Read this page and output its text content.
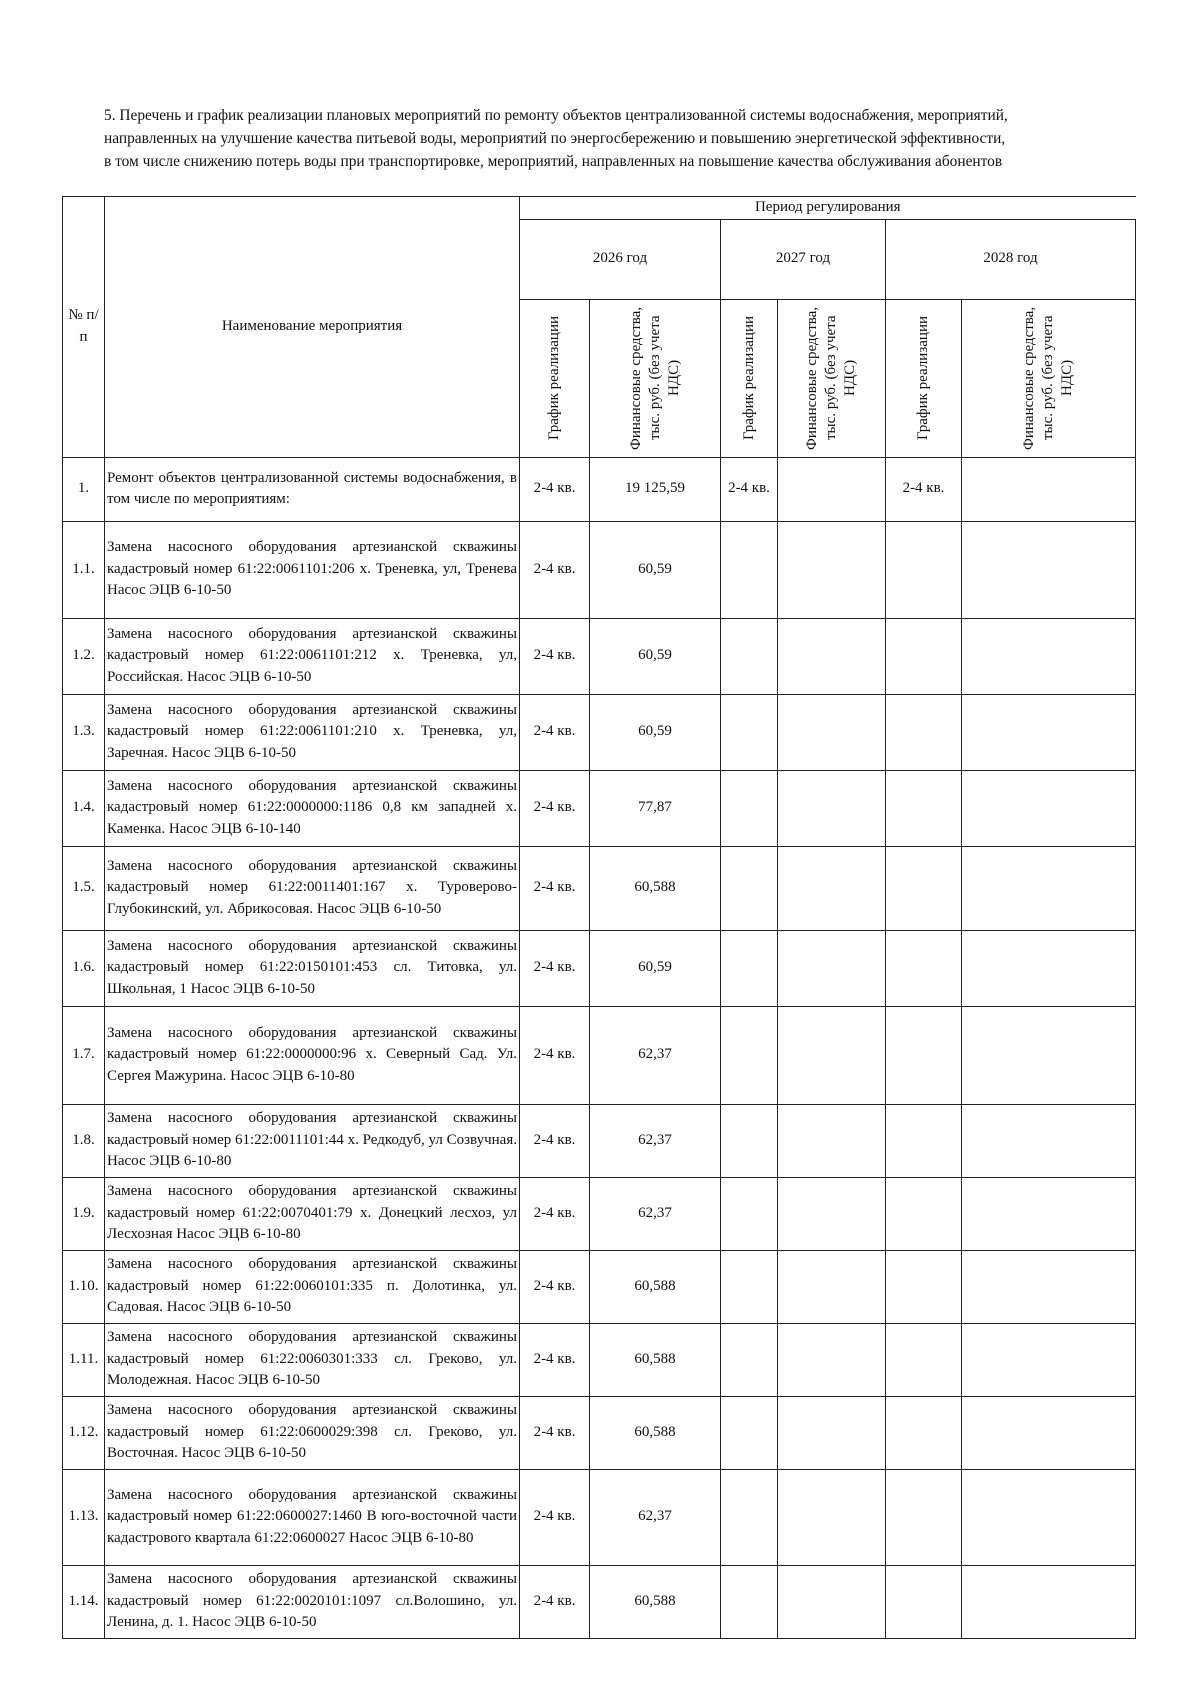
5. Перечень и график реализации плановых мероприятий по ремонту объектов централизованной системы водоснабжения, мероприятий,
направленных на улучшение качества питьевой воды, мероприятий по энергосбережению и повышению энергетической эффективности,
в том числе снижению потерь воды при транспортировке, мероприятий, направленных на повышение качества обслуживания абонентов
№ п/п	Наименование мероприятия	Период регулирования					
		2026 год		2027 год		2028 год	

		График реализации	Финансовые средства, тыс. руб. (без учета НДС)	График реализации	Финансовые средства, тыс. руб. (без учета НДС)	График реализации	Финансовые средства, тыс. руб. (без учета НДС)

1.	Ремонт объектов централизованной системы водоснабжения, в том числе по мероприятиям:	2-4 кв.	19 125,59	2-4 кв.		2-4 кв.	
1.1.	Замена насосного оборудования артезианской скважины кадастровый номер 61:22:0061101:206 х. Треневка, ул, Тренева Насос ЭЦВ 6-10-50	2-4 кв.	60,59				
1.2.	Замена насосного оборудования артезианской скважины кадастровый номер 61:22:0061101:212 х. Треневка, ул, Российская. Насос ЭЦВ 6-10-50	2-4 кв.	60,59				
1.3.	Замена насосного оборудования артезианской скважины кадастровый номер 61:22:0061101:210 х. Треневка, ул, Заречная. Насос ЭЦВ 6-10-50	2-4 кв.	60,59				
1.4.	Замена насосного оборудования артезианской скважины кадастровый номер 61:22:0000000:1186 0,8 км западней х. Каменка. Насос ЭЦВ 6-10-140	2-4 кв.	77,87				
1.5.	Замена насосного оборудования артезианской скважины кадастровый номер 61:22:0011401:167 х. Туроверово-Глубокинский, ул. Абрикосовая. Насос ЭЦВ 6-10-50	2-4 кв.	60,588				
1.6.	Замена насосного оборудования артезианской скважины кадастровый номер 61:22:0150101:453 сл. Титовка, ул. Школьная, 1 Насос ЭЦВ 6-10-50	2-4 кв.	60,59				
1.7.	Замена насосного оборудования артезианской скважины кадастровый номер 61:22:0000000:96 х. Северный Сад. Ул. Сергея Мажурина. Насос ЭЦВ 6-10-80	2-4 кв.	62,37				
1.8.	Замена насосного оборудования артезианской скважины кадастровый номер 61:22:0011101:44 х. Редкодуб, ул Созвучная. Насос ЭЦВ 6-10-80	2-4 кв.	62,37				
1.9.	Замена насосного оборудования артезианской скважины кадастровый номер 61:22:0070401:79 х. Донецкий лесхоз, ул Лесхозная Насос ЭЦВ 6-10-80	2-4 кв.	62,37				
1.10.	Замена насосного оборудования артезианской скважины кадастровый номер 61:22:0060101:335 п. Долотинка, ул. Садовая. Насос ЭЦВ 6-10-50	2-4 кв.	60,588				
1.11.	Замена насосного оборудования артезианской скважины кадастровый номер 61:22:0060301:333 сл. Греково, ул. Молодежная. Насос ЭЦВ 6-10-50	2-4 кв.	60,588				
1.12.	Замена насосного оборудования артезианской скважины кадастровый номер 61:22:0600029:398 сл. Греково, ул. Восточная. Насос ЭЦВ 6-10-50	2-4 кв.	60,588				
1.13.	Замена насосного оборудования артезианской скважины кадастровый номер 61:22:0600027:1460 В юго-восточной части кадастрового квартала 61:22:0600027 Насос ЭЦВ 6-10-80	2-4 кв.	62,37				
1.14.	Замена насосного оборудования артезианской скважины кадастровый номер 61:22:0020101:1097 сл.Волошино, ул. Ленина, д. 1. Насос ЭЦВ 6-10-50	2-4 кв.	60,588				
